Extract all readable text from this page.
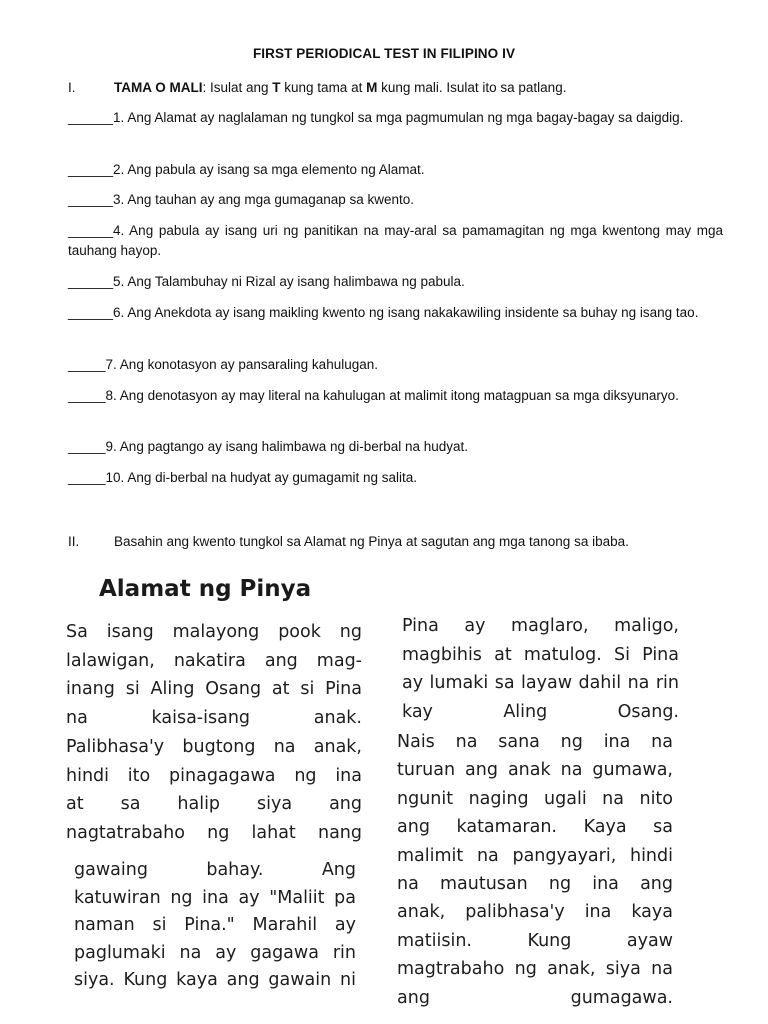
FIRST PERIODICAL TEST IN FILIPINO IV
I.	TAMA O MALI: Isulat ang T kung tama at M kung mali. Isulat ito sa patlang.
______1. Ang Alamat ay naglalaman ng tungkol sa mga pagmumulan ng mga bagay-bagay sa daigdig.
______2. Ang pabula ay isang sa mga elemento ng Alamat.
______3. Ang tauhan ay ang mga gumaganap sa kwento.
______4. Ang pabula ay isang uri ng panitikan na may-aral sa pamamagitan ng mga kwentong may mga tauhang hayop.
______5. Ang Talambuhay ni Rizal ay isang halimbawa ng pabula.
______6. Ang Anekdota ay isang maikling kwento ng isang nakakawiling insidente sa buhay ng isang tao.
_____7. Ang konotasyon ay pansaraling kahulugan.
_____8. Ang denotasyon ay may literal na kahulugan at malimit itong matagpuan sa mga diksyunaryo.
_____9. Ang pagtango ay isang halimbawa ng di-berbal na hudyat.
_____10. Ang di-berbal na hudyat ay gumagamit ng salita.
II.	Basahin ang kwento tungkol sa Alamat ng Pinya at sagutan ang mga tanong sa ibaba.
Alamat ng Pinya
Sa isang malayong pook ng
lalawigan, nakatira ang mag-
inang si Aling Osang at si Pina
na kaisa-isang anak.
Palibhasa'y bugtong na anak,
hindi ito pinagagawa ng ina
at sa halip siya ang
nagtatrabaho ng lahat nang
gawaing bahay. Ang
katuwiran ng ina ay "Maliit pa
naman si Pina." Marahil ay
paglumaki na ay gagawa rin
siya. Kung kaya ang gawain ni
Pina ay maglaro, maligo,
magbihis at matulog. Si Pina
ay lumaki sa layaw dahil na rin
kay Aling Osang.
Nais na sana ng ina na
turuan ang anak na gumawa,
ngunit naging ugali na nito
ang katamaran. Kaya sa
malimit na pangyayari, hindi
na mautusan ng ina ang
anak, palibhasa'y ina kaya
matiisin. Kung ayaw
magtrabaho ng anak, siya na
ang gumagawa.
